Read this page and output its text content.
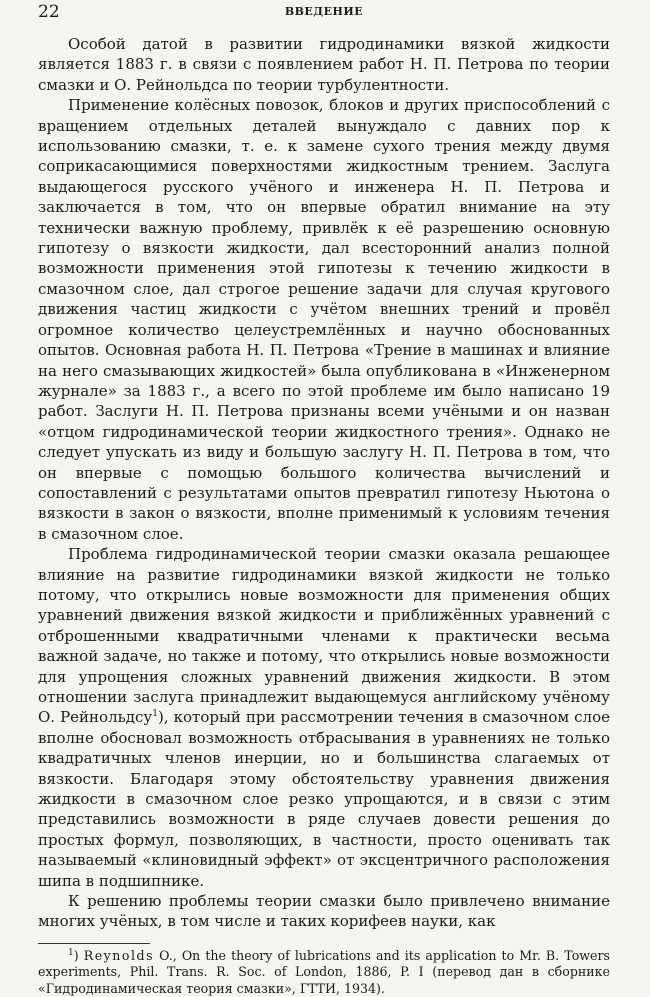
22	ВВЕДЕНИЕ

Особой датой в развитии гидродинамики вязкой жидкости является 1883 г. в связи с появлением работ Н. П. Петрова по теории смазки и О. Рейнольдса по теории турбулентности.

Применение колёсных повозок, блоков и других приспособлений с вращением отдельных деталей вынуждало с давних пор к использованию смазки, т. е. к замене сухого трения между двумя соприкасающимися поверхностями жидкостным трением. Заслуга выдающегося русского учёного и инженера Н. П. Петрова и заключается в том, что он впервые обратил внимание на эту технически важную проблему, привлёк к её разрешению основную гипотезу о вязкости жидкости, дал всесторонний анализ полной возможности применения этой гипотезы к течению жидкости в смазочном слое, дал строгое решение задачи для случая кругового движения частиц жидкости с учётом внешних трений и провёл огромное количество целеустремлённых и научно обоснованных опытов. Основная работа Н. П. Петрова «Трение в машинах и влияние на него смазывающих жидкостей» была опубликована в «Инженерном журнале» за 1883 г., а всего по этой проблеме им было написано 19 работ. Заслуги Н. П. Петрова признаны всеми учёными и он назван «отцом гидродинамической теории жидкостного трения». Однако не следует упускать из виду и большую заслугу Н. П. Петрова в том, что он впервые с помощью большого количества вычислений и сопоставлений с результатами опытов превратил гипотезу Ньютона о вязкости в закон о вязкости, вполне применимый к условиям течения в смазочном слое.

Проблема гидродинамической теории смазки оказала решающее влияние на развитие гидродинамики вязкой жидкости не только потому, что открылись новые возможности для применения общих уравнений движения вязкой жидкости и приближённых уравнений с отброшенными квадратичными членами к практически весьма важной задаче, но также и потому, что открылись новые возможности для упрощения сложных уравнений движения жидкости. В этом отношении заслуга принадлежит выдающемуся английскому учёному О. Рейнольдсу$^1$), который при рассмотрении течения в смазочном слое вполне обосновал возможность отбрасывания в уравнениях не только квадратичных членов инерции, но и большинства слагаемых от вязкости. Благодаря этому обстоятельству уравнения движения жидкости в смазочном слое резко упрощаются, и в связи с этим представились возможности в ряде случаев довести решения до простых формул, позволяющих, в частности, просто оценивать так называемый «клиновидный эффект» от эксцентричного расположения шипа в подшипнике.

К решению проблемы теории смазки было привлечено внимание многих учёных, в том числе и таких корифеев науки, как

$^1$) Reynolds O., On the theory of lubrications and its application to Mr. B. Towers experiments, Phil. Trans. R. Soc. of London, 1886, P. I (перевод дан в сборнике «Гидродинамическая теория смазки», ГТТИ, 1934).
